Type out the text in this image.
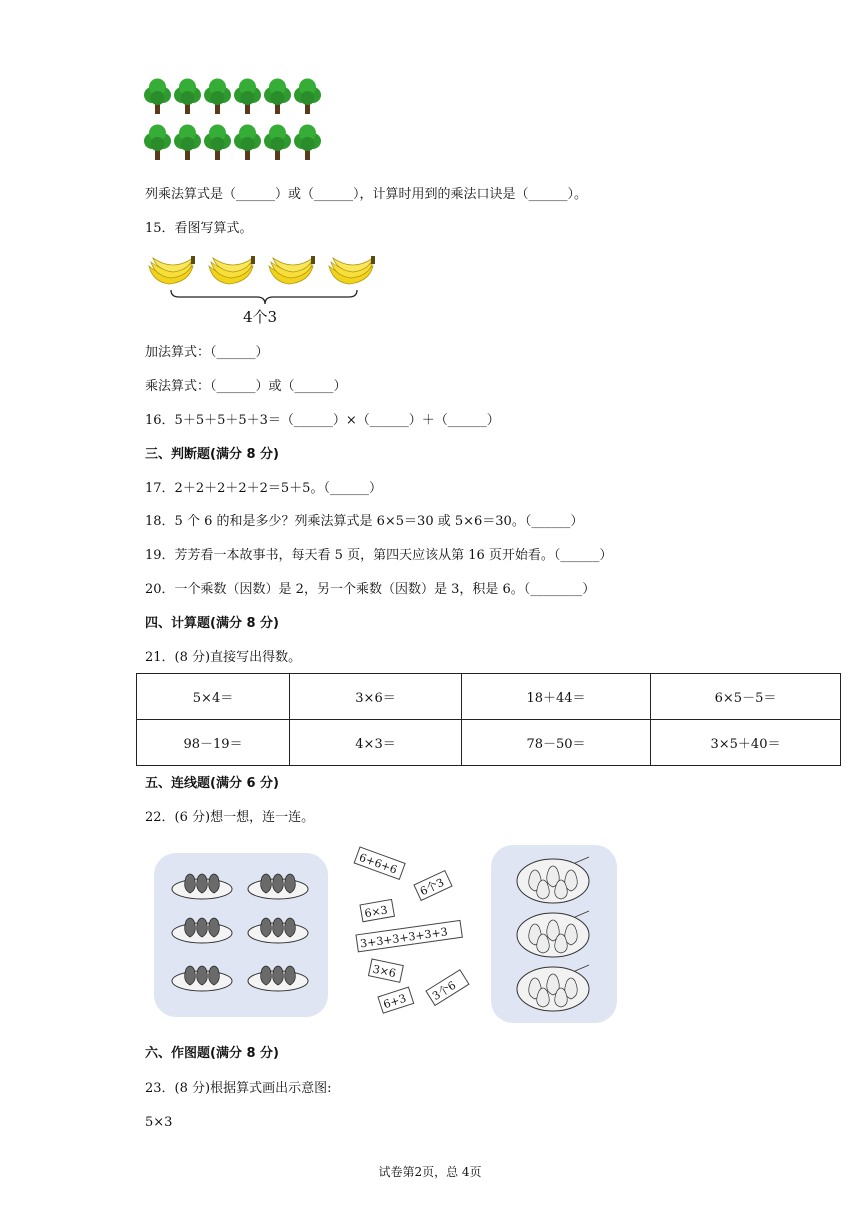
列乘法算式是（______）或（______），计算时用到的乘法口诀是（______）。
15．看图写算式。
4个3
加法算式：（______）
乘法算式：（______）或（______）
16．5＋5＋5＋5＋3＝（______）×（______）＋（______）
三、判断题(满分 8 分)
17．2＋2＋2＋2＋2＝5＋5。（______）
18．5 个 6 的和是多少？列乘法算式是 6×5＝30 或 5×6＝30。（______）
19．芳芳看一本故事书，每天看 5 页，第四天应该从第 16 页开始看。（______）
20．一个乘数（因数）是 2，另一个乘数（因数）是 3，积是 6。（________）
四、计算题(满分 8 分)
21．(8 分)直接写出得数。
5×4＝	3×6＝	18＋44＝	6×5－5＝
98－19＝	4×3＝	78－50＝	3×5＋40＝
五、连线题(满分 6 分)
22．(6 分)想一想，连一连。
6+6+6
6个3
6×3
3+3+3+3+3+3
3×6
3个6
6+3
六、作图题(满分 8 分)
23．(8 分)根据算式画出示意图:
5×3
试卷第2页，总 4页
